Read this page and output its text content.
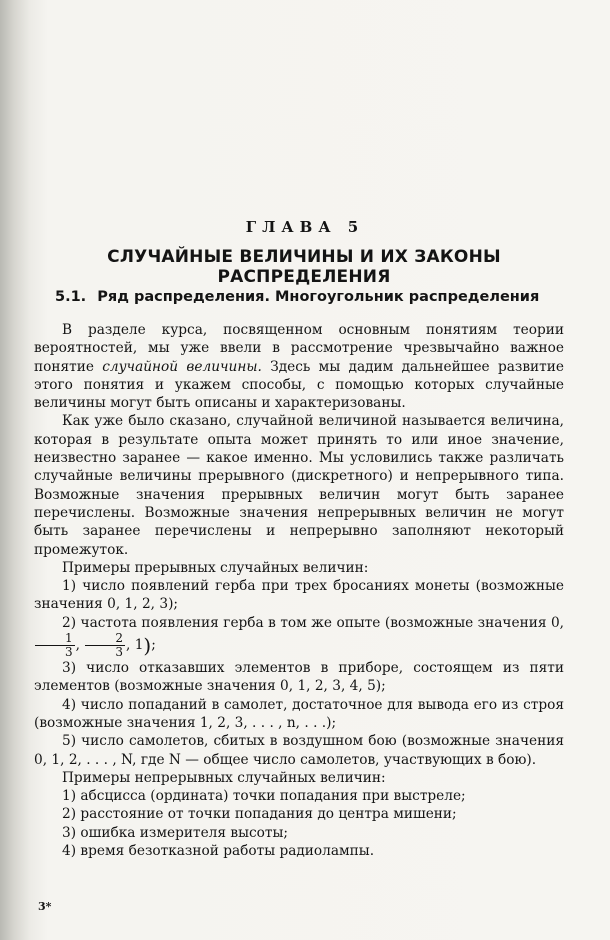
ГЛАВА 5
СЛУЧАЙНЫЕ ВЕЛИЧИНЫ И ИХ ЗАКОНЫ РАСПРЕДЕЛЕНИЯ
5.1. Ряд распределения. Многоугольник распределения

В разделе курса, посвященном основным понятиям теории вероятностей, мы уже ввели в рассмотрение чрезвычайно важное понятие случайной величины. Здесь мы дадим дальнейшее развитие этого понятия и укажем способы, с помощью которых случайные величины могут быть описаны и характеризованы.

Как уже было сказано, случайной величиной называется величина, которая в результате опыта может принять то или иное значение, неизвестно заранее — какое именно. Мы условились также различать случайные величины прерывного (дискретного) и непрерывного типа. Возможные значения прерывных величин могут быть заранее перечислены. Возможные значения непрерывных величин не могут быть заранее перечислены и непрерывно заполняют некоторый промежуток.

Примеры прерывных случайных величин:

1) число появлений герба при трех бросаниях монеты (возможные значения 0, 1, 2, 3);

2) частота появления герба в том же опыте (возможные значения 0,
$\frac{1}{3}$ , $\frac{2}{3}$ , 1);

3) число отказавших элементов в приборе, состоящем из пяти элементов (возможные значения 0, 1, 2, 3, 4, 5);

4) число попаданий в самолет, достаточное для вывода его из строя (возможные значения 1, 2, 3, . . . , n, . . .);

5) число самолетов, сбитых в воздушном бою (возможные значения 0, 1, 2, . . . , N, где N — общее число самолетов, участвующих в бою).

Примеры непрерывных случайных величин:

1) абсцисса (ордината) точки попадания при выстреле;

2) расстояние от точки попадания до центра мишени;

3) ошибка измерителя высоты;

4) время безотказной работы радиолампы.

3*
